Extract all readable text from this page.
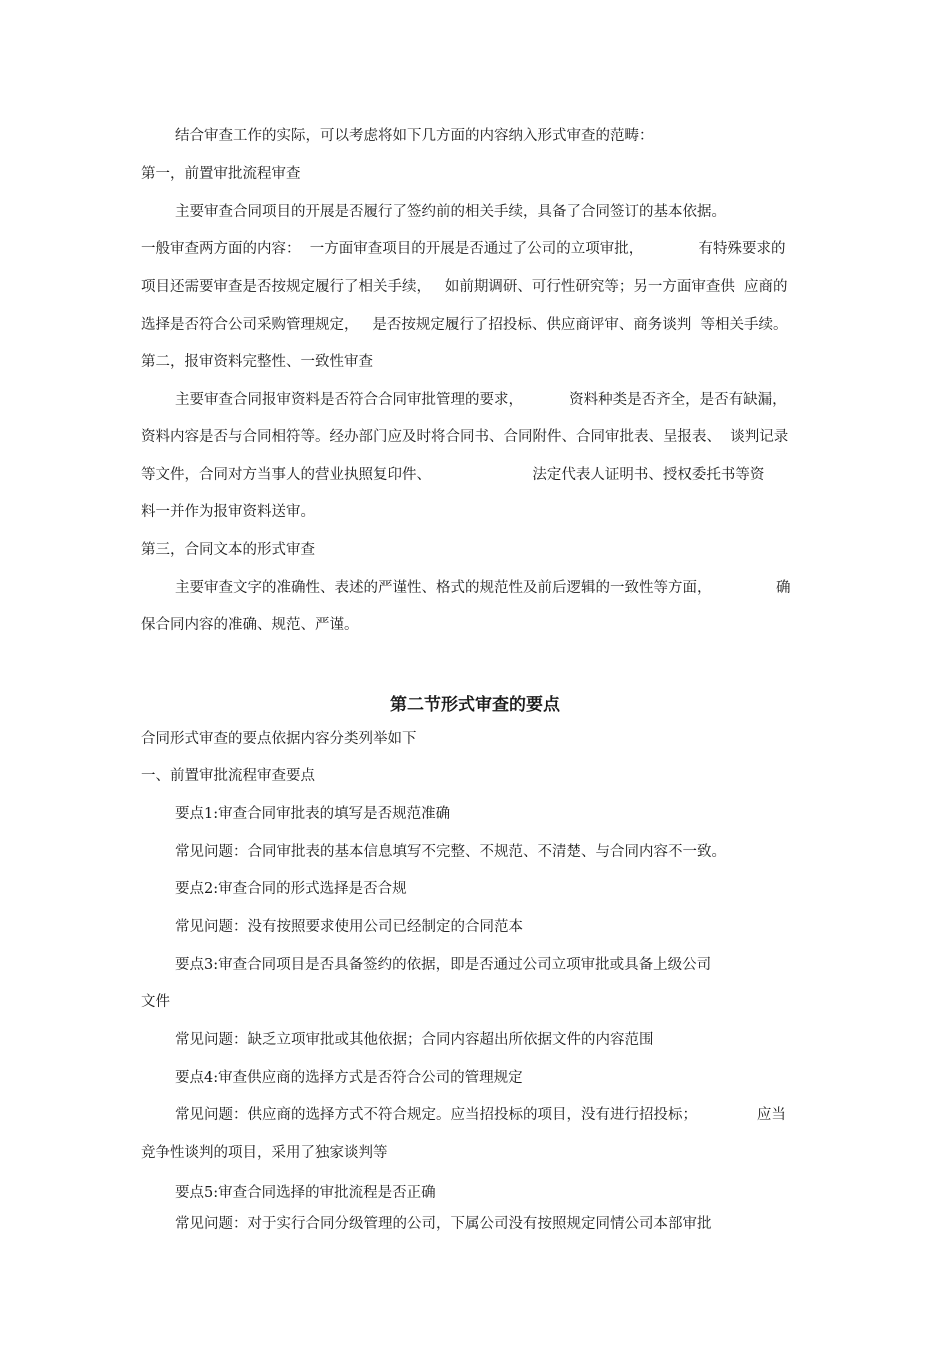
结合审查工作的实际，可以考虑将如下几方面的内容纳入形式审查的范畴：

第一，前置审批流程审查

主要审查合同项目的开展是否履行了签约前的相关手续，具备了合同签订的基本依据。

一般审查两方面的内容：  一方面审查项目的开展是否通过了公司的立项审批，            有特殊要求的

项目还需要审查是否按规定履行了相关手续，   如前期调研、可行性研究等；另一方面审查供  应商的

选择是否符合公司采购管理规定，   是否按规定履行了招投标、供应商评审、商务谈判  等相关手续。

第二，报审资料完整性、一致性审查

主要审查合同报审资料是否符合合同审批管理的要求，          资料种类是否齐全，是否有缺漏，

资料内容是否与合同相符等。经办部门应及时将合同书、合同附件、合同审批表、呈报表、  谈判记录

等文件，合同对方当事人的营业执照复印件、                      法定代表人证明书、授权委托书等资

料一并作为报审资料送审。

第三，合同文本的形式审查

主要审查文字的准确性、表述的严谨性、格式的规范性及前后逻辑的一致性等方面，              确

保合同内容的准确、规范、严谨。

第二节形式审查的要点

合同形式审查的要点依据内容分类列举如下

一、前置审批流程审查要点

要点1:审查合同审批表的填写是否规范准确

常见问题：合同审批表的基本信息填写不完整、不规范、不清楚、与合同内容不一致。

要点2:审查合同的形式选择是否合规

常见问题：没有按照要求使用公司已经制定的合同范本

要点3:审查合同项目是否具备签约的依据，即是否通过公司立项审批或具备上级公司

文件

常见问题：缺乏立项审批或其他依据；合同内容超出所依据文件的内容范围

要点4:审查供应商的选择方式是否符合公司的管理规定

常见问题：供应商的选择方式不符合规定。应当招投标的项目，没有进行招投标；             应当

竞争性谈判的项目，采用了独家谈判等

要点5:审查合同选择的审批流程是否正确

常见问题：对于实行合同分级管理的公司，下属公司没有按照规定同情公司本部审批
